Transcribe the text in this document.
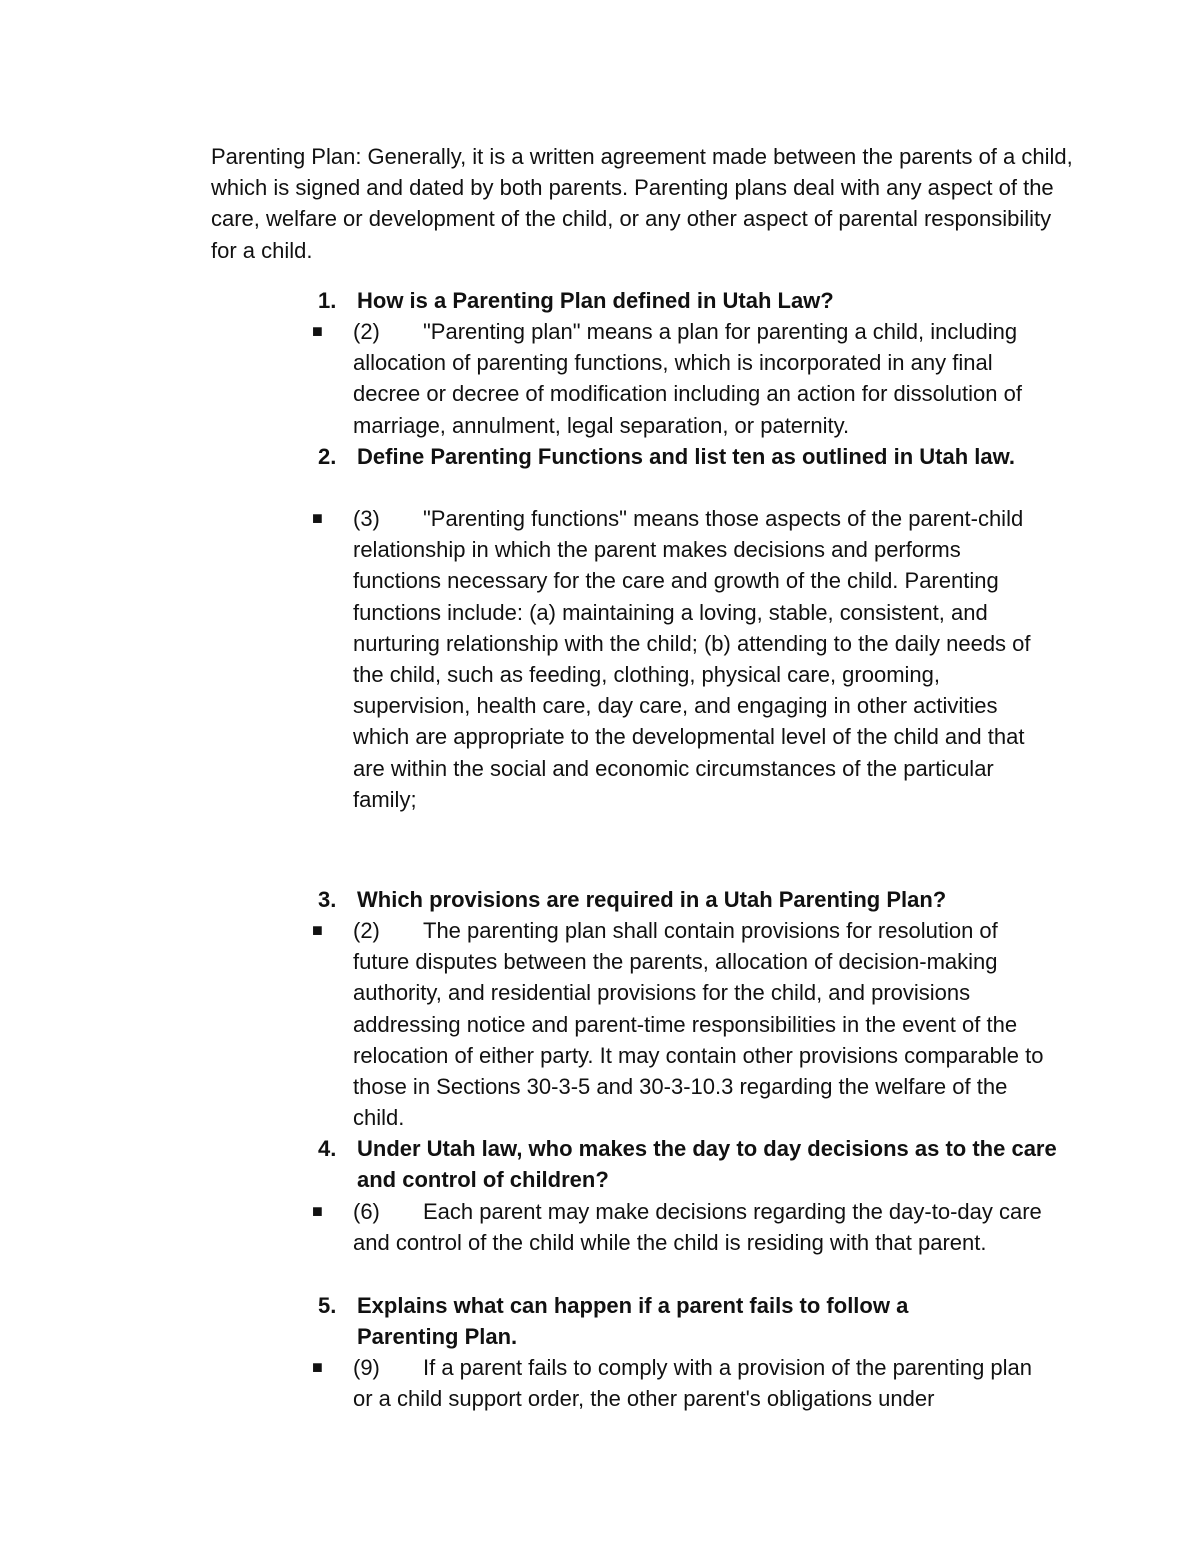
Parenting Plan: Generally, it is a written agreement made between the parents of a child, which is signed and dated by both parents. Parenting plans deal with any aspect of the care, welfare or development of the child, or any other aspect of parental responsibility for a child.

1. How is a Parenting Plan defined in Utah Law?
■	(2) "Parenting plan" means a plan for parenting a child, including allocation of parenting functions, which is incorporated in any final decree or decree of modification including an action for dissolution of marriage, annulment, legal separation, or paternity.
2. Define Parenting Functions and list ten as outlined in Utah law.
■	(3) "Parenting functions" means those aspects of the parent-child relationship in which the parent makes decisions and performs functions necessary for the care and growth of the child. Parenting functions include: (a) maintaining a loving, stable, consistent, and nurturing relationship with the child; (b) attending to the daily needs of the child, such as feeding, clothing, physical care, grooming, supervision, health care, day care, and engaging in other activities which are appropriate to the developmental level of the child and that are within the social and economic circumstances of the particular family;
3. Which provisions are required in a Utah Parenting Plan?
■	(2) The parenting plan shall contain provisions for resolution of future disputes between the parents, allocation of decision-making authority, and residential provisions for the child, and provisions addressing notice and parent-time responsibilities in the event of the relocation of either party. It may contain other provisions comparable to those in Sections 30-3-5 and 30-3-10.3 regarding the welfare of the child.
4. Under Utah law, who makes the day to day decisions as to the care and control of children?
■	(6) Each parent may make decisions regarding the day-to-day care and control of the child while the child is residing with that parent.
5. Explains what can happen if a parent fails to follow a Parenting Plan.
■	(9) If a parent fails to comply with a provision of the parenting plan or a child support order, the other parent's obligations under
